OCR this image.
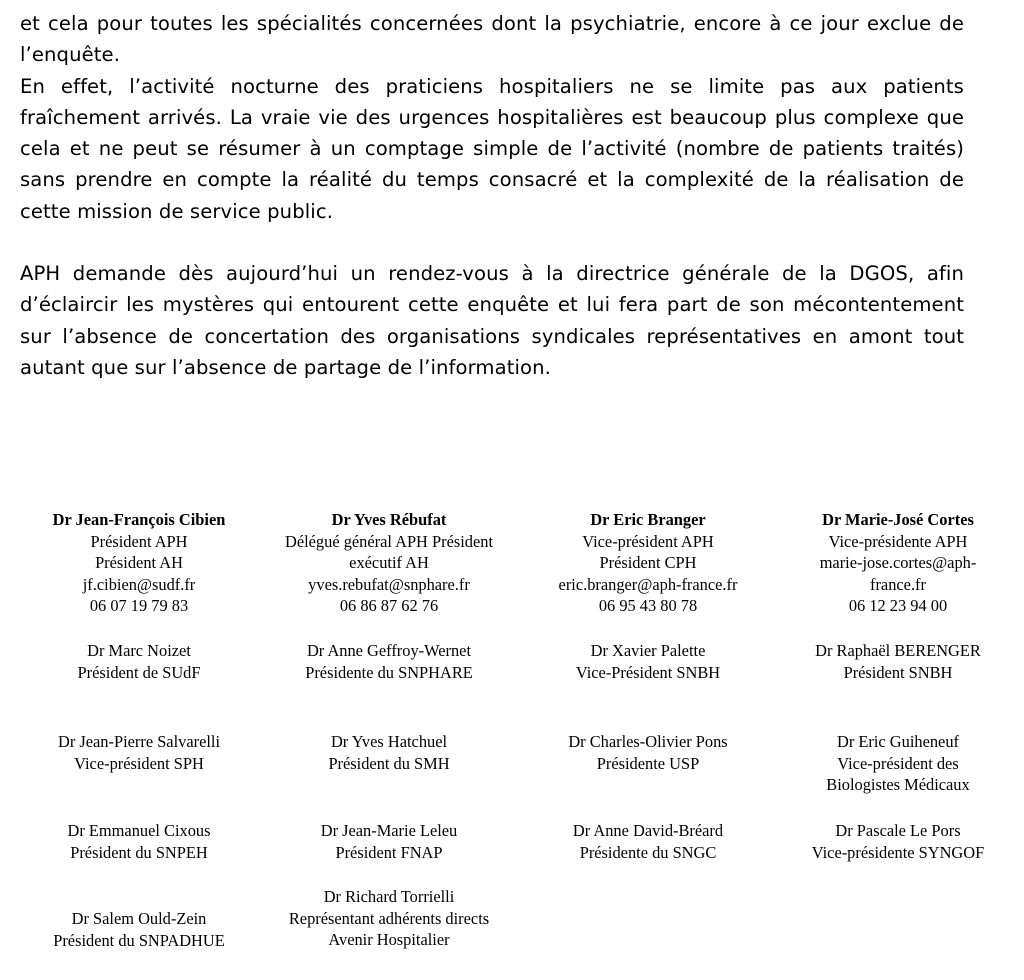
et cela pour toutes les spécialités concernées dont la psychiatrie, encore à ce jour exclue de l’enquête.

En effet, l’activité nocturne des praticiens hospitaliers ne se limite pas aux patients fraîchement arrivés. La vraie vie des urgences hospitalières est beaucoup plus complexe que cela et ne peut se résumer à un comptage simple de l’activité (nombre de patients traités) sans prendre en compte la réalité du temps consacré et la complexité de la réalisation de cette mission de service public.

APH demande dès aujourd’hui un rendez-vous à la directrice générale de la DGOS, afin d’éclaircir les mystères qui entourent cette enquête et lui fera part de son mécontentement sur l’absence de concertation des organisations syndicales représentatives en amont tout autant que sur l’absence de partage de l’information.

Dr Jean-François Cibien
Président APH
Président AH
jf.cibien@sudf.fr
06 07 19 79 83
Dr Yves Rébufat
Délégué général APH Président
exécutif AH
yves.rebufat@snphare.fr
06 86 87 62 76
Dr Eric Branger
Vice-président APH
Président CPH
eric.branger@aph-france.fr
06 95 43 80 78
Dr Marie-José Cortes
Vice-présidente APH
marie-jose.cortes@aph-
france.fr
06 12 23 94 00
Dr Marc Noizet
Président de SUdF
Dr Anne Geffroy-Wernet
Présidente du SNPHARE
Dr Xavier Palette
Vice-Président SNBH
Dr Raphaël BERENGER
Président SNBH
Dr Jean-Pierre Salvarelli
Vice-président SPH
Dr Yves Hatchuel
Président du SMH
Dr Charles-Olivier Pons
Présidente USP
Dr Eric Guiheneuf
Vice-président des
Biologistes Médicaux
Dr Emmanuel Cixous
Président du SNPEH
Dr Jean-Marie Leleu
Président FNAP
Dr Anne David-Bréard
Présidente du SNGC
Dr Pascale Le Pors
Vice-présidente SYNGOF
Dr Salem Ould-Zein
Président du SNPADHUE
Dr Richard Torrielli
Représentant adhérents directs
Avenir Hospitalier
